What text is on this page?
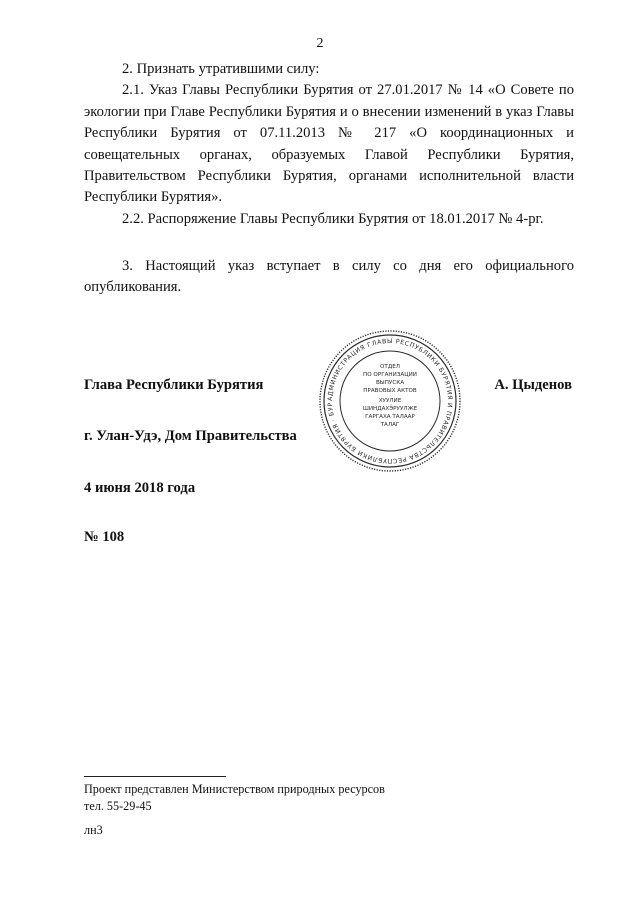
2

2. Признать утратившими силу:

2.1. Указ Главы Республики Бурятия от 27.01.2017 № 14 «О Совете по экологии при Главе Республики Бурятия и о внесении изменений в указ Главы Республики Бурятия от 07.11.2013 № 217 «О координационных и совещательных органах, образуемых Главой Республики Бурятия, Правительством Республики Бурятия, органами исполнительной власти Республики Бурятия».

2.2. Распоряжение Главы Республики Бурятия от 18.01.2017 № 4-рг.

3. Настоящий указ вступает в силу со дня его официального опубликования.

Глава Республики Бурятия	А. Цыденов
АДМИНИСТРАЦИЯ ГЛАВЫ РЕСПУБЛИКИ БУРЯТИЯ И ПРАВИТЕЛЬСТВА РЕСПУБЛИКИ БУРЯТИЯ · БУР
ОТДЕЛ
ПО ОРГАНИЗАЦИИ
ВЫПУСКА
ПРАВОВЫХ АКТОВ
ХУУЛИЕ
ШИНДАХЭ́РУУЛЖЕ
ГАРГАХА ТАЛААР
ТАЛАГ
г. Улан-Удэ, Дом Правительства
4 июня 2018 года
№ 108
Проект представлен Министерством природных ресурсов
тел. 55-29-45
лн3
